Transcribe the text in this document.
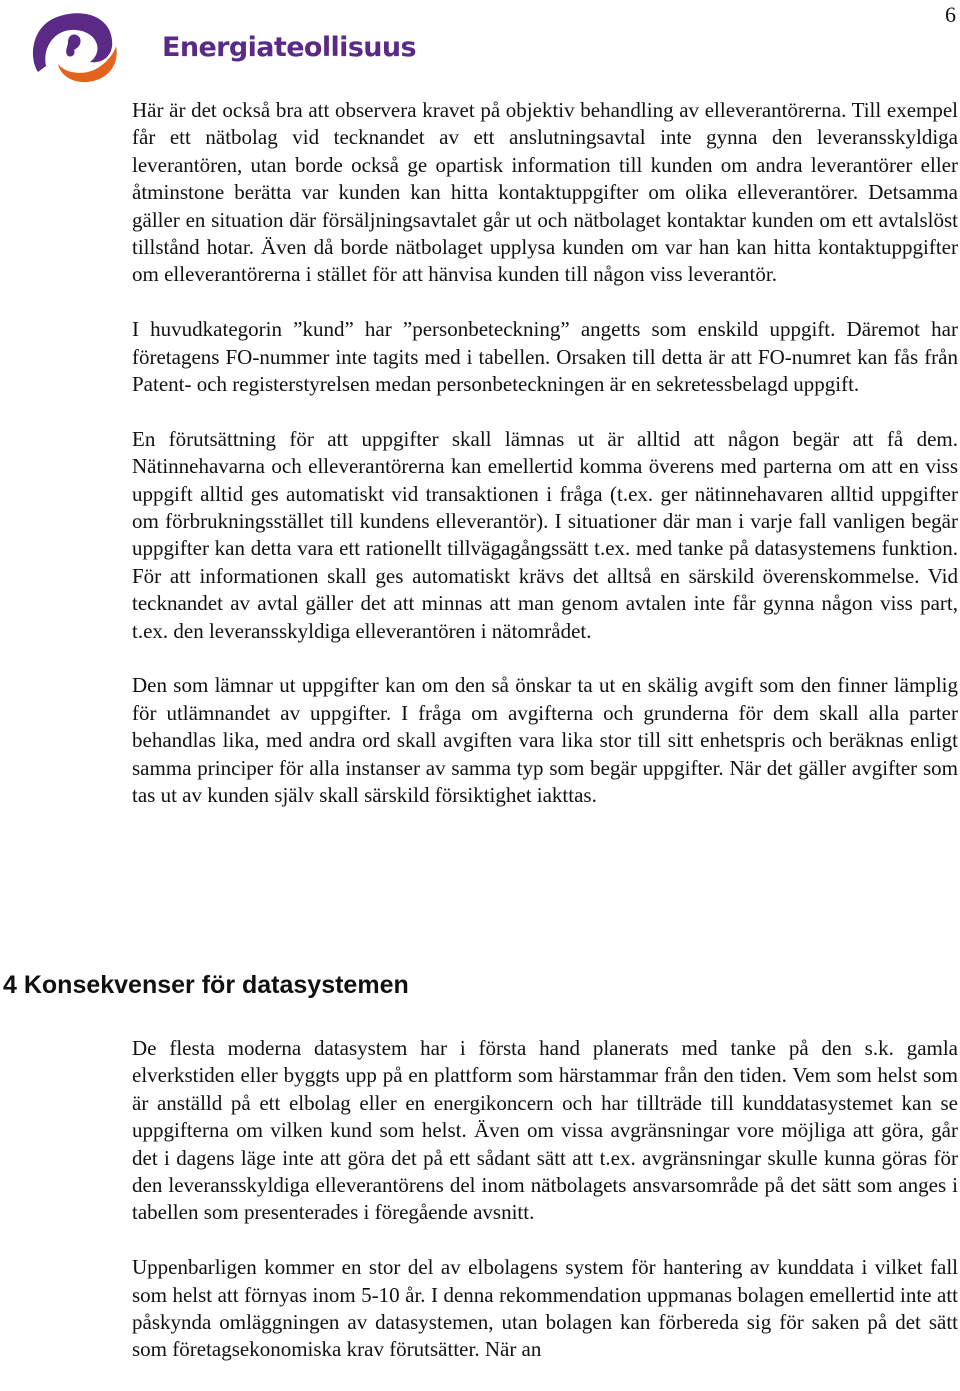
Energiateollisuus
6

Här är det också bra att observera kravet på objektiv behandling av elleverantörerna. Till exempel får ett nätbolag vid tecknandet av ett anslutningsavtal inte gynna den leveransskyldiga leverantören, utan borde också ge opartisk information till kunden om andra leverantörer eller åtminstone berätta var kunden kan hitta kontaktuppgifter om olika elleverantörer. Detsamma gäller en situation där försäljningsavtalet går ut och nätbolaget kontaktar kunden om ett avtalslöst tillstånd hotar. Även då borde nätbolaget upplysa kunden om var han kan hitta kontaktuppgifter om elleverantörerna i stället för att hänvisa kunden till någon viss leverantör.

I huvudkategorin ”kund” har ”personbeteckning” angetts som enskild uppgift. Däremot har företagens FO-nummer inte tagits med i tabellen. Orsaken till detta är att FO-numret kan fås från Patent- och registerstyrelsen medan personbeteckningen är en sekretessbelagd uppgift.

En förutsättning för att uppgifter skall lämnas ut är alltid att någon begär att få dem. Nätinnehavarna och elleverantörerna kan emellertid komma överens med parterna om att en viss uppgift alltid ges automatiskt vid transaktionen i fråga (t.ex. ger nätinnehavaren alltid uppgifter om förbrukningsstället till kundens elleverantör). I situationer där man i varje fall vanligen begär uppgifter kan detta vara ett rationellt tillvägagångssätt t.ex. med tanke på datasystemens funktion. För att informationen skall ges automatiskt krävs det alltså en särskild överenskommelse. Vid tecknandet av avtal gäller det att minnas att man genom avtalen inte får gynna någon viss part, t.ex. den leveransskyldiga elleverantören i nätområdet.

Den som lämnar ut uppgifter kan om den så önskar ta ut en skälig avgift som den finner lämplig för utlämnandet av uppgifter. I fråga om avgifterna och grunderna för dem skall alla parter behandlas lika, med andra ord skall avgiften vara lika stor till sitt enhetspris och beräknas enligt samma principer för alla instanser av samma typ som begär uppgifter. När det gäller avgifter som tas ut av kunden själv skall särskild försiktighet iakttas.

4 Konsekvenser för datasystemen

De flesta moderna datasystem har i första hand planerats med tanke på den s.k. gamla elverkstiden eller byggts upp på en plattform som härstammar från den tiden. Vem som helst som är anställd på ett elbolag eller en energikoncern och har tillträde till kunddatasystemet kan se uppgifterna om vilken kund som helst. Även om vissa avgränsningar vore möjliga att göra, går det i dagens läge inte att göra det på ett sådant sätt att t.ex. avgränsningar skulle kunna göras för den leveransskyldiga elleverantörens del inom nätbolagets ansvarsområde på det sätt som anges i tabellen som presenterades i föregående avsnitt.

Uppenbarligen kommer en stor del av elbolagens system för hantering av kunddata i vilket fall som helst att förnyas inom 5-10 år. I denna rekommendation uppmanas bolagen emellertid inte att påskynda omläggningen av datasystemen, utan bolagen kan förbereda sig för saken på det sätt som företagsekonomiska krav förutsätter. När an
